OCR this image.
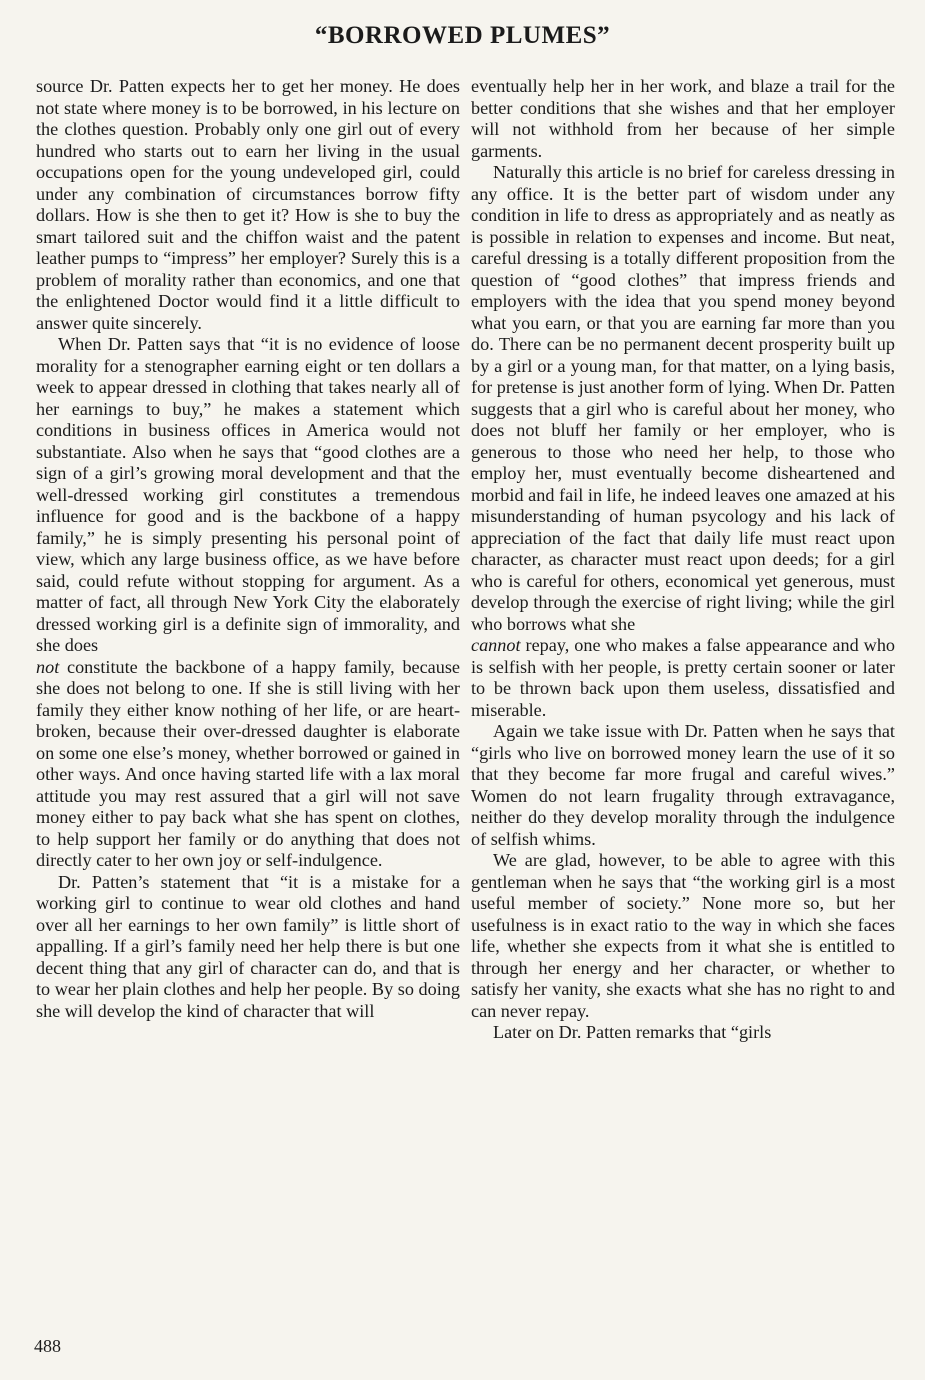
“BORROWED PLUMES”

source Dr. Patten expects her to get her money. He does not state where money is to be borrowed, in his lecture on the clothes question. Probably only one girl out of every hundred who starts out to earn her living in the usual occupations open for the young undeveloped girl, could under any combination of circumstances borrow fifty dollars. How is she then to get it? How is she to buy the smart tailored suit and the chiffon waist and the patent leather pumps to “impress” her employer? Surely this is a problem of morality rather than economics, and one that the enlightened Doctor would find it a little difficult to answer quite sincerely.

When Dr. Patten says that “it is no evidence of loose morality for a stenographer earning eight or ten dollars a week to appear dressed in clothing that takes nearly all of her earnings to buy,” he makes a statement which conditions in business offices in America would not substantiate. Also when he says that “good clothes are a sign of a girl’s growing moral development and that the well-dressed working girl constitutes a tremendous influence for good and is the backbone of a happy family,” he is simply presenting his personal point of view, which any large business office, as we have before said, could refute without stopping for argument. As a matter of fact, all through New York City the elaborately dressed working girl is a definite sign of immorality, and she does

not constitute the backbone of a happy family, because she does not belong to one. If she is still living with her family they either know nothing of her life, or are heart-broken, because their over-dressed daughter is elaborate on some one else’s money, whether borrowed or gained in other ways. And once having started life with a lax moral attitude you may rest assured that a girl will not save money either to pay back what she has spent on clothes, to help support her family or do anything that does not directly cater to her own joy or self-indulgence.

Dr. Patten’s statement that “it is a mistake for a working girl to continue to wear old clothes and hand over all her earnings to her own family” is little short of appalling. If a girl’s family need her help there is but one decent thing that any girl of character can do, and that is to wear her plain clothes and help her people. By so doing she will develop the kind of character that will

eventually help her in her work, and blaze a trail for the better conditions that she wishes and that her employer will not withhold from her because of her simple garments.

Naturally this article is no brief for careless dressing in any office. It is the better part of wisdom under any condition in life to dress as appropriately and as neatly as is possible in relation to expenses and income. But neat, careful dressing is a totally different proposition from the question of “good clothes” that impress friends and employers with the idea that you spend money beyond what you earn, or that you are earning far more than you do. There can be no permanent decent prosperity built up by a girl or a young man, for that matter, on a lying basis, for pretense is just another form of lying. When Dr. Patten suggests that a girl who is careful about her money, who does not bluff her family or her employer, who is generous to those who need her help, to those who employ her, must eventually become disheartened and morbid and fail in life, he indeed leaves one amazed at his misunderstanding of human psycology and his lack of appreciation of the fact that daily life must react upon character, as character must react upon deeds; for a girl who is careful for others, economical yet generous, must develop through the exercise of right living; while the girl who borrows what she

cannot repay, one who makes a false appearance and who is selfish with her people, is pretty certain sooner or later to be thrown back upon them useless, dissatisfied and miserable.

Again we take issue with Dr. Patten when he says that “girls who live on borrowed money learn the use of it so that they become far more frugal and careful wives.” Women do not learn frugality through extravagance, neither do they develop morality through the indulgence of selfish whims.

We are glad, however, to be able to agree with this gentleman when he says that “the working girl is a most useful member of society.” None more so, but her usefulness is in exact ratio to the way in which she faces life, whether she expects from it what she is entitled to through her energy and her character, or whether to satisfy her vanity, she exacts what she has no right to and can never repay.

Later on Dr. Patten remarks that “girls

488
